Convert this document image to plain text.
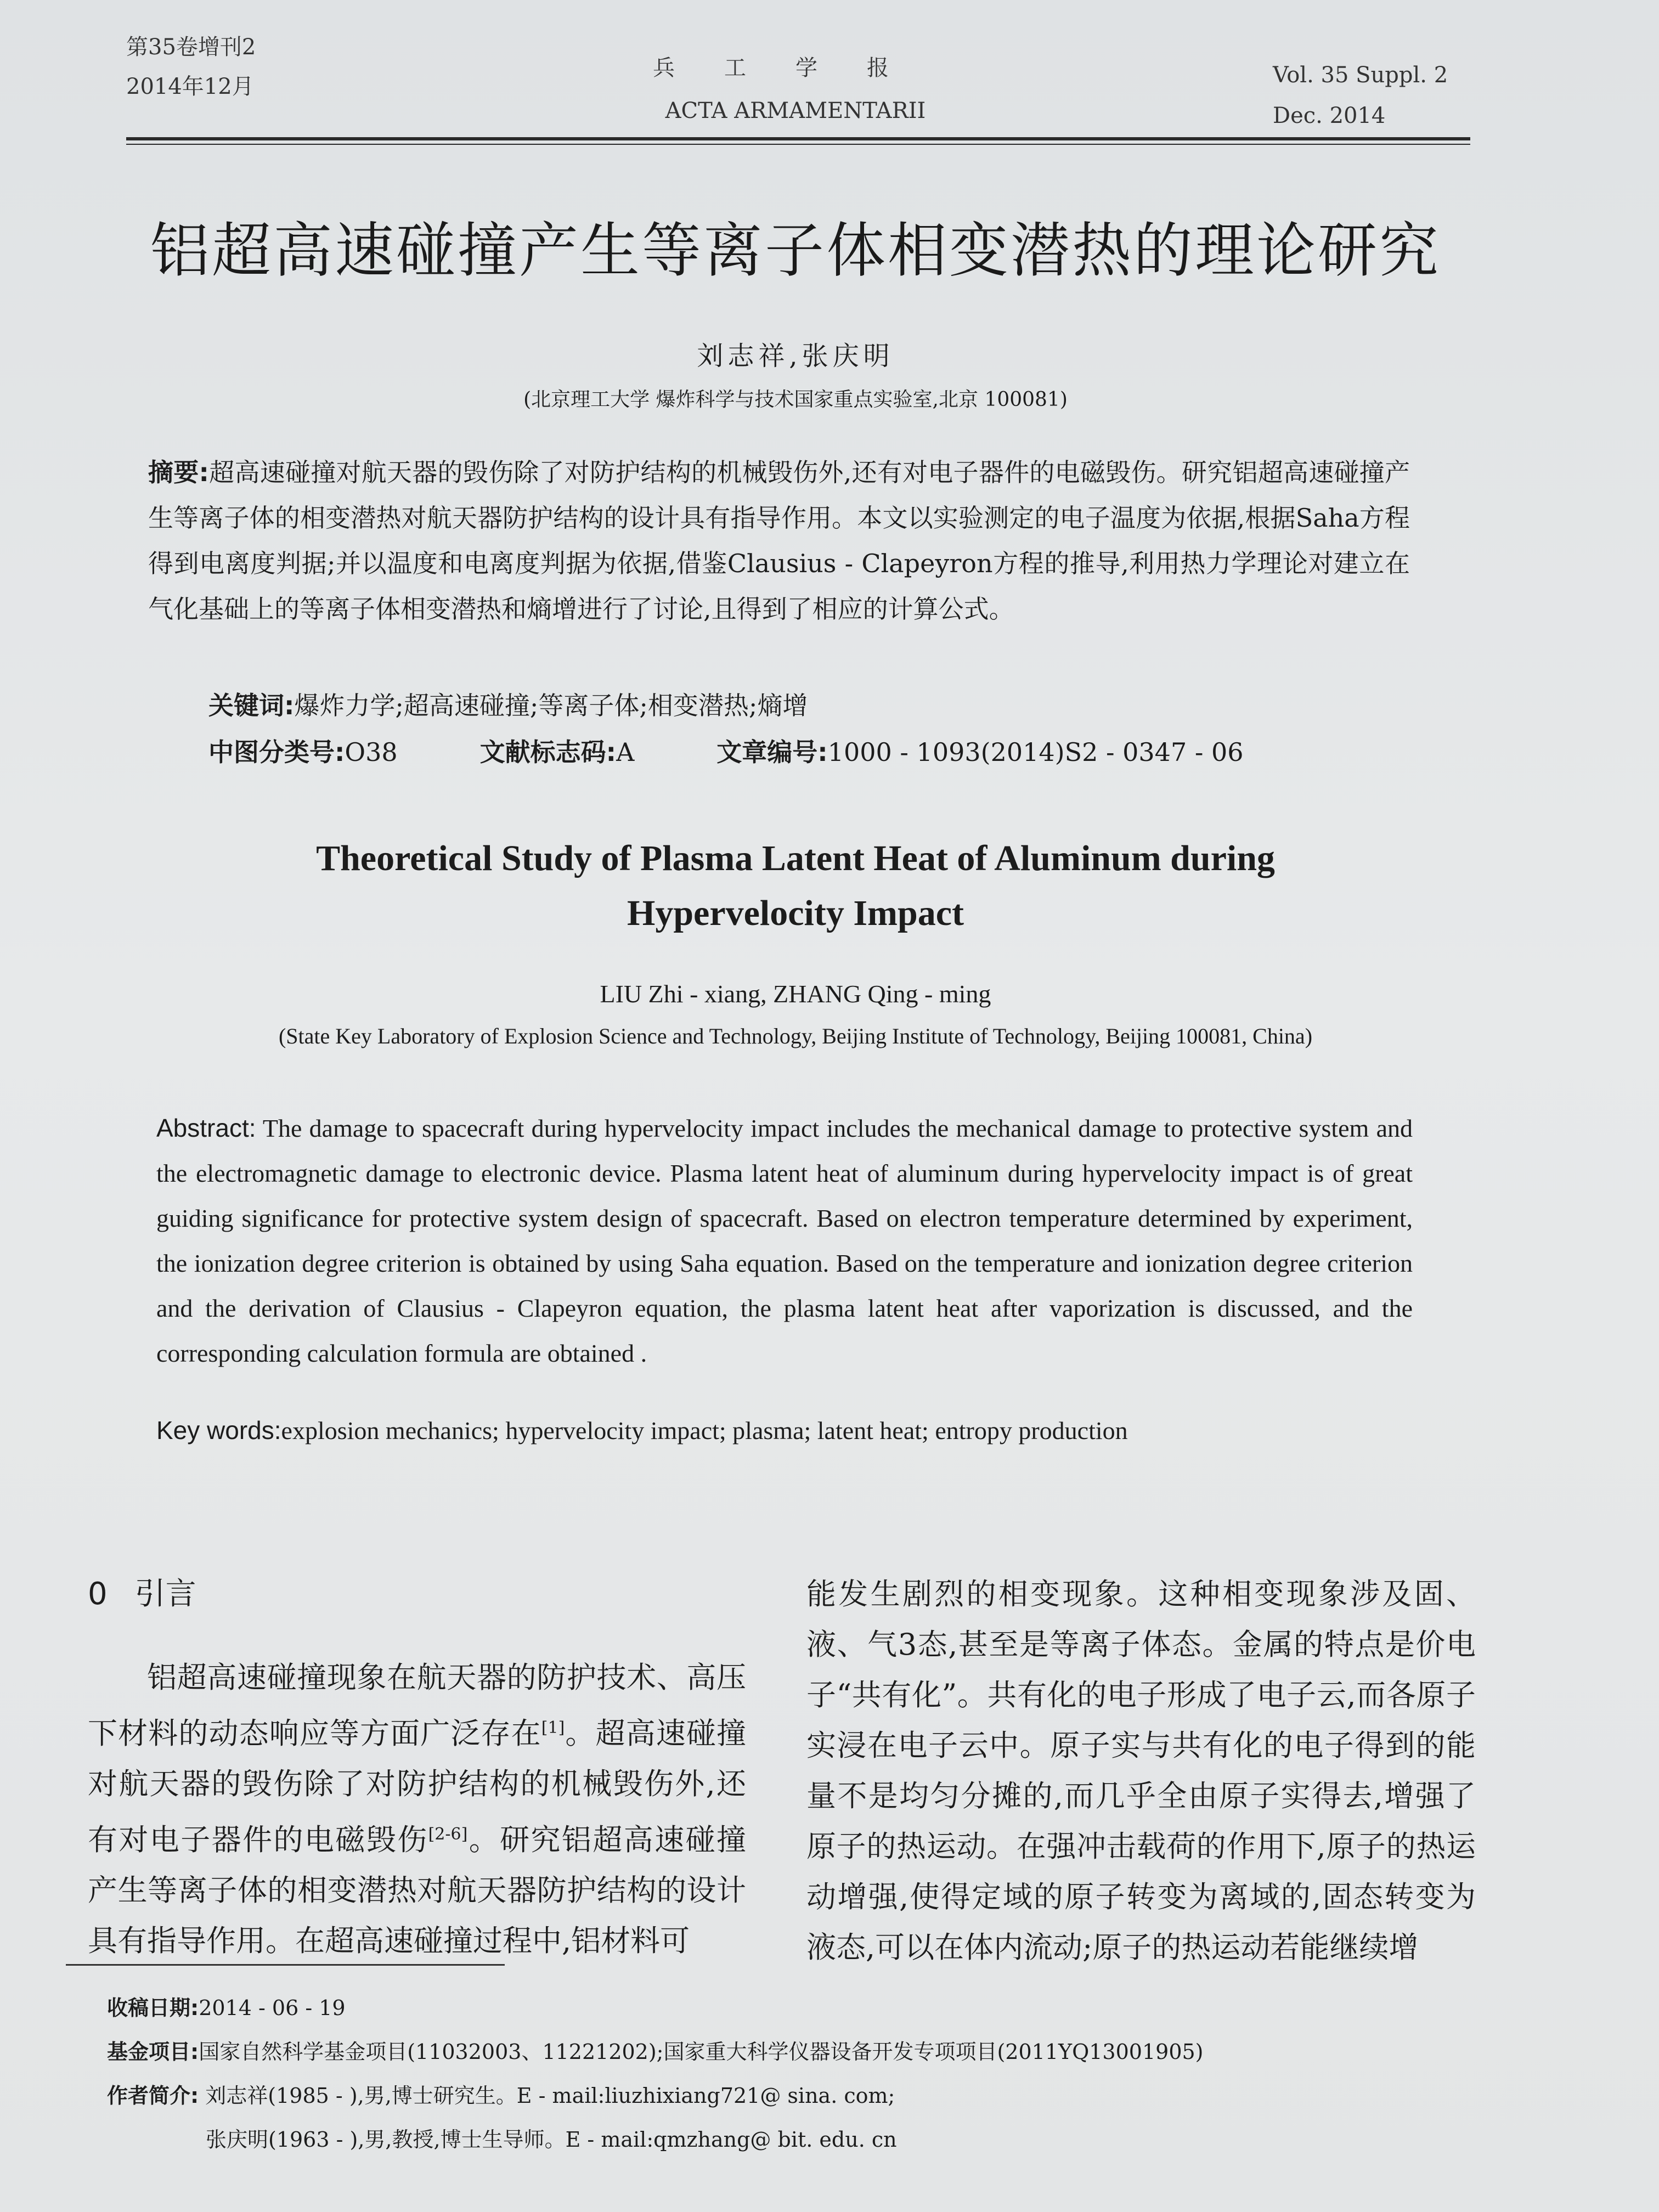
第35卷增刊2
2014年12月
兵工学报
ACTA ARMAMENTARII
Vol. 35 Suppl. 2
Dec. 2014
铝超高速碰撞产生等离子体相变潜热的理论研究
刘志祥,张庆明
(北京理工大学 爆炸科学与技术国家重点实验室,北京 100081)
摘要:超高速碰撞对航天器的毁伤除了对防护结构的机械毁伤外,还有对电子器件的电磁毁伤。研究铝超高速碰撞产生等离子体的相变潜热对航天器防护结构的设计具有指导作用。本文以实验测定的电子温度为依据,根据Saha方程得到电离度判据;并以温度和电离度判据为依据,借鉴Clausius - Clapeyron方程的推导,利用热力学理论对建立在气化基础上的等离子体相变潜热和熵增进行了讨论,且得到了相应的计算公式。
关键词:爆炸力学;超高速碰撞;等离子体;相变潜热;熵增
中图分类号:O38	文献标志码:A	文章编号:1000 - 1093(2014)S2 - 0347 - 06
Theoretical Study of Plasma Latent Heat of Aluminum during
Hypervelocity Impact
LIU Zhi - xiang, ZHANG Qing - ming
(State Key Laboratory of Explosion Science and Technology, Beijing Institute of Technology, Beijing 100081, China)
Abstract: The damage to spacecraft during hypervelocity impact includes the mechanical damage to protective system and the electromagnetic damage to electronic device. Plasma latent heat of aluminum during hypervelocity impact is of great guiding significance for protective system design of spacecraft. Based on electron temperature determined by experiment, the ionization degree criterion is obtained by using Saha equation. Based on the temperature and ionization degree criterion and the derivation of Clausius - Clapeyron equation, the plasma latent heat after vaporization is discussed, and the corresponding calculation formula are obtained .
Key words:explosion mechanics; hypervelocity impact; plasma; latent heat; entropy production
0 引言

铝超高速碰撞现象在航天器的防护技术、高压下材料的动态响应等方面广泛存在[1]。超高速碰撞对航天器的毁伤除了对防护结构的机械毁伤外,还有对电子器件的电磁毁伤[2-6]。研究铝超高速碰撞产生等离子体的相变潜热对航天器防护结构的设计具有指导作用。在超高速碰撞过程中,铝材料可

能发生剧烈的相变现象。这种相变现象涉及固、液、气3态,甚至是等离子体态。金属的特点是价电子“共有化”。共有化的电子形成了电子云,而各原子实浸在电子云中。原子实与共有化的电子得到的能量不是均匀分摊的,而几乎全由原子实得去,增强了原子的热运动。在强冲击载荷的作用下,原子的热运动增强,使得定域的原子转变为离域的,固态转变为液态,可以在体内流动;原子的热运动若能继续增

收稿日期:2014 - 06 - 19
基金项目:国家自然科学基金项目(11032003、11221202);国家重大科学仪器设备开发专项项目(2011YQ13001905)
作者简介: 刘志祥(1985 - ),男,博士研究生。E - mail:liuzhixiang721@ sina. com;
张庆明(1963 - ),男,教授,博士生导师。E - mail:qmzhang@ bit. edu. cn
